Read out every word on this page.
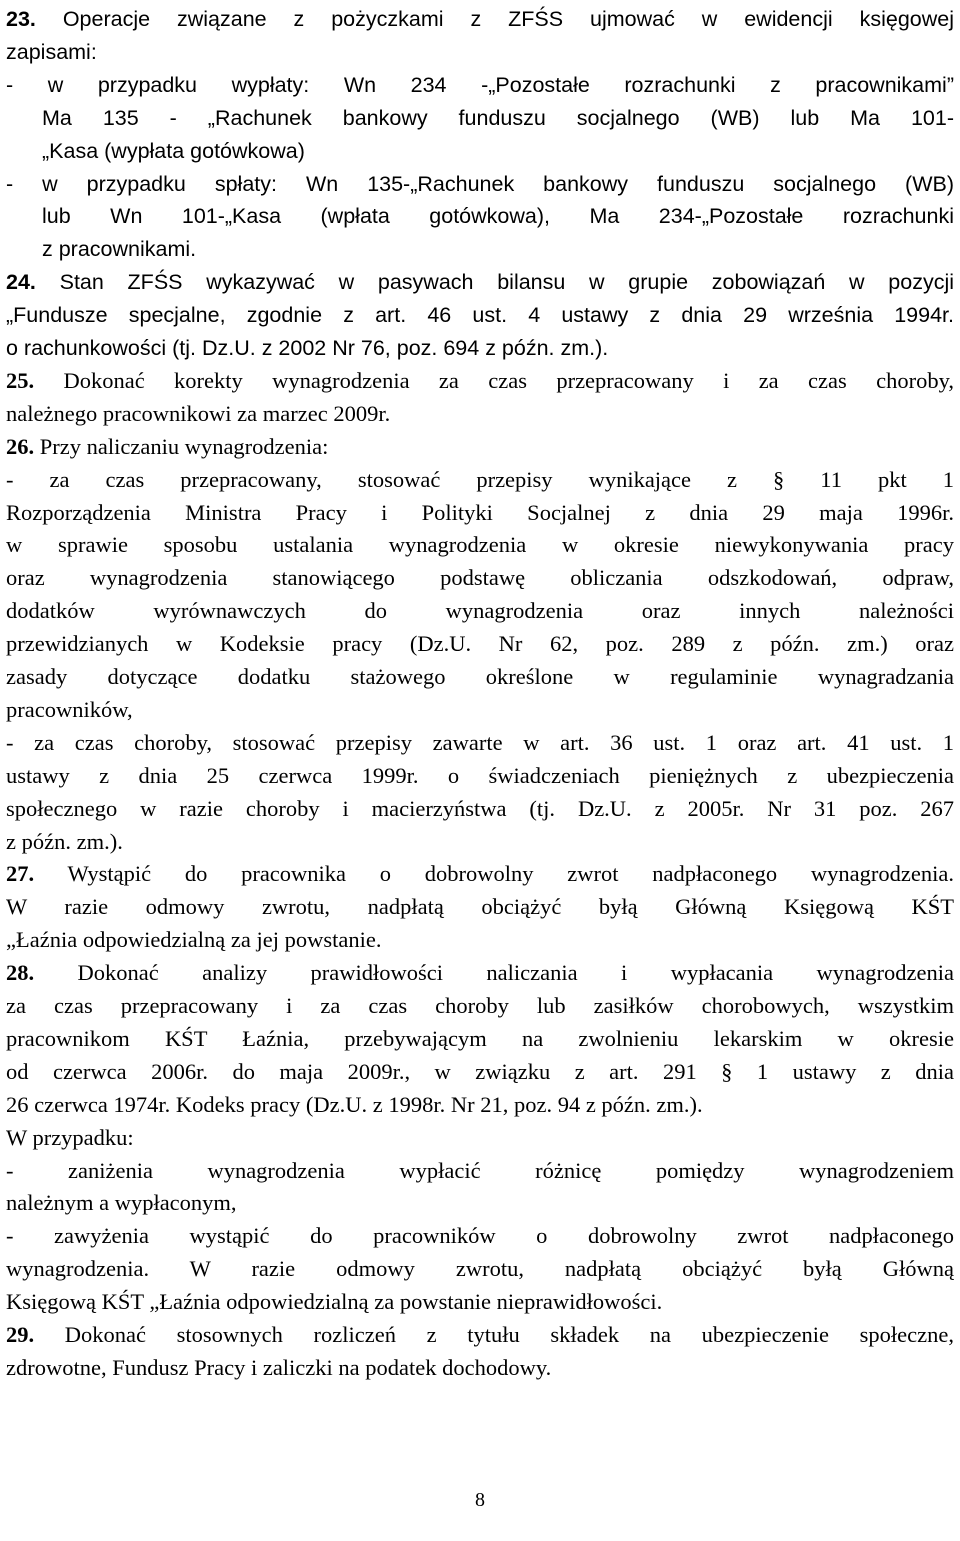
8
23. Operacje związane z pożyczkami z ZFŚS ujmować w ewidencji księgowej
zapisami:
- w przypadku wypłaty: Wn 234 -„Pozostałe rozrachunki z pracownikami”
Ma 135 - „Rachunek bankowy funduszu socjalnego (WB) lub Ma 101-
„Kasa (wypłata gotówkowa)
- w przypadku spłaty: Wn 135-„Rachunek bankowy funduszu socjalnego (WB)
lub Wn 101-„Kasa (wpłata gotówkowa), Ma 234-„Pozostałe rozrachunki
z pracownikami.
24. Stan ZFŚS wykazywać w pasywach bilansu w grupie zobowiązań w pozycji
„Fundusze specjalne, zgodnie z art. 46 ust. 4 ustawy z dnia 29 września 1994r.
o rachunkowości (tj. Dz.U. z 2002 Nr 76, poz. 694 z późn. zm.).
25. Dokonać korekty wynagrodzenia za czas przepracowany i za czas choroby,
należnego pracownikowi za marzec 2009r.
26. Przy naliczaniu wynagrodzenia:
- za czas przepracowany, stosować przepisy wynikające z § 11 pkt 1
Rozporządzenia Ministra Pracy i Polityki Socjalnej z dnia 29 maja 1996r.
w sprawie sposobu ustalania wynagrodzenia w okresie niewykonywania pracy
oraz wynagrodzenia stanowiącego podstawę obliczania odszkodowań, odpraw,
dodatków wyrównawczych do wynagrodzenia oraz innych należności
przewidzianych w Kodeksie pracy (Dz.U. Nr 62, poz. 289 z późn. zm.) oraz
zasady dotyczące dodatku stażowego określone w regulaminie wynagradzania
pracowników,
- za czas choroby, stosować przepisy zawarte w art. 36 ust. 1 oraz art. 41 ust. 1
ustawy z dnia 25 czerwca 1999r. o świadczeniach pieniężnych z ubezpieczenia
społecznego w razie choroby i macierzyństwa (tj. Dz.U. z 2005r. Nr 31 poz. 267
z późn. zm.).
27. Wystąpić do pracownika o dobrowolny zwrot nadpłaconego wynagrodzenia.
W razie odmowy zwrotu, nadpłatą obciążyć byłą Główną Księgową KŚT
„Łaźnia odpowiedzialną za jej powstanie.
28. Dokonać analizy prawidłowości naliczania i wypłacania wynagrodzenia
za czas przepracowany i za czas choroby lub zasiłków chorobowych, wszystkim
pracownikom KŚT Łaźnia, przebywającym na zwolnieniu lekarskim w okresie
od czerwca 2006r. do maja 2009r., w związku z art. 291 § 1 ustawy z dnia
26 czerwca 1974r. Kodeks pracy (Dz.U. z 1998r. Nr 21, poz. 94 z późn. zm.).
W przypadku:
- zaniżenia wynagrodzenia wypłacić różnicę pomiędzy wynagrodzeniem
należnym a wypłaconym,
- zawyżenia wystąpić do pracowników o dobrowolny zwrot nadpłaconego
wynagrodzenia. W razie odmowy zwrotu, nadpłatą obciążyć byłą Główną
Księgową KŚT „Łaźnia odpowiedzialną za powstanie nieprawidłowości.
29. Dokonać stosownych rozliczeń z tytułu składek na ubezpieczenie społeczne,
zdrowotne, Fundusz Pracy i zaliczki na podatek dochodowy.
